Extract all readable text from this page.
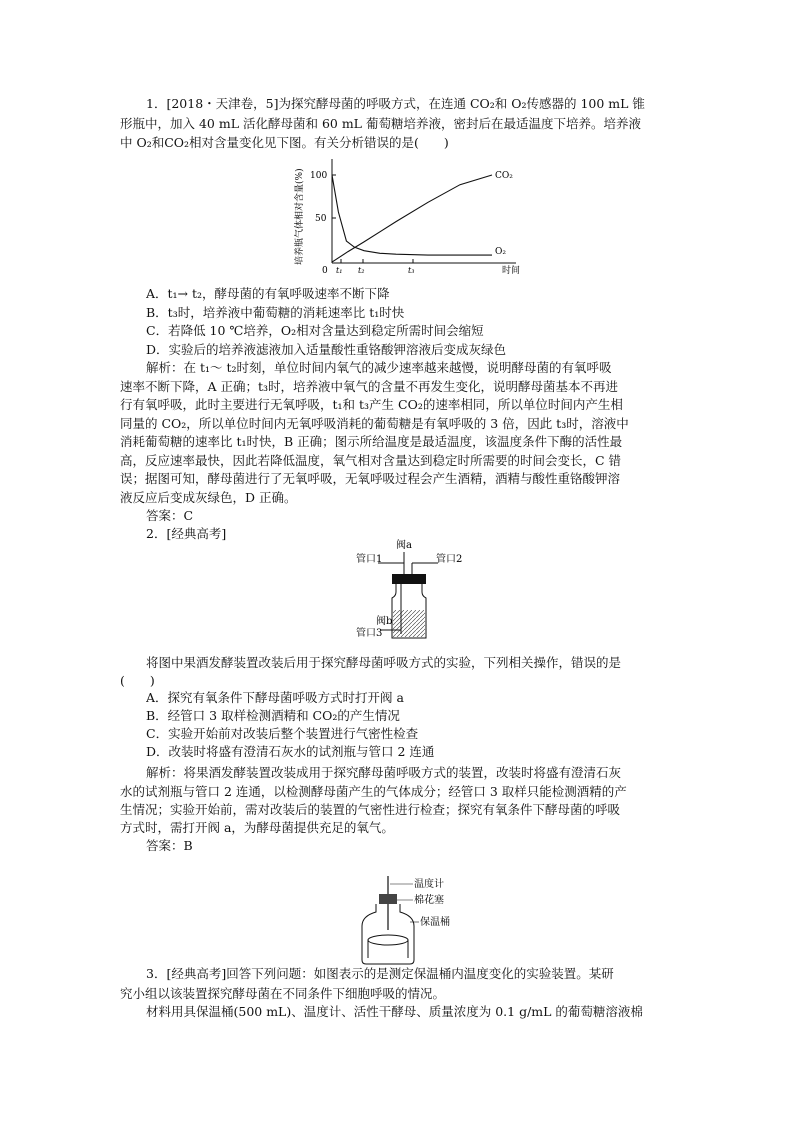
1．[2018・天津卷，5]为探究酵母菌的呼吸方式，在连通 CO₂和 O₂传感器的 100 mL 锥
形瓶中，加入 40 mL 活化酵母菌和 60 mL 葡萄糖培养液，密封后在最适温度下培养。培养液
中 O₂和CO₂相对含量变化见下图。有关分析错误的是(　　)
培养瓶气体相对含量(%) 100
50
0 t₁ t₂	t₃	时间
CO₂
O₂
A．t₁→ t₂，酵母菌的有氧呼吸速率不断下降
B．t₃时，培养液中葡萄糖的消耗速率比 t₁时快
C．若降低 10 ℃培养，O₂相对含量达到稳定所需时间会缩短
D．实验后的培养液滤液加入适量酸性重铬酸钾溶液后变成灰绿色
解析：在 t₁～ t₂时刻，单位时间内氧气的减少速率越来越慢，说明酵母菌的有氧呼吸
速率不断下降，A 正确；t₃时，培养液中氧气的含量不再发生变化，说明酵母菌基本不再进
行有氧呼吸，此时主要进行无氧呼吸，t₁和 t₃产生 CO₂的速率相同，所以单位时间内产生相
同量的 CO₂，所以单位时间内无氧呼吸消耗的葡萄糖是有氧呼吸的 3 倍，因此 t₃时，溶液中
消耗葡萄糖的速率比 t₁时快，B 正确；图示所给温度是最适温度，该温度条件下酶的活性最
高，反应速率最快，因此若降低温度，氧气相对含量达到稳定时所需要的时间会变长，C 错
误；据图可知，酵母菌进行了无氧呼吸，无氧呼吸过程会产生酒精，酒精与酸性重铬酸钾溶
液反应后变成灰绿色，D 正确。
答案：C
2．[经典高考]
阀a
管口1	管口2
阀b
管口3
将图中果酒发酵装置改装后用于探究酵母菌呼吸方式的实验，下列相关操作，错误的是
(　　)
A．探究有氧条件下酵母菌呼吸方式时打开阀 a
B．经管口 3 取样检测酒精和 CO₂的产生情况
C．实验开始前对改装后整个装置进行气密性检查
D．改装时将盛有澄清石灰水的试剂瓶与管口 2 连通
解析：将果酒发酵装置改装成用于探究酵母菌呼吸方式的装置，改装时将盛有澄清石灰
水的试剂瓶与管口 2 连通，以检测酵母菌产生的气体成分；经管口 3 取样只能检测酒精的产
生情况；实验开始前，需对改装后的装置的气密性进行检查；探究有氧条件下酵母菌的呼吸
方式时，需打开阀 a，为酵母菌提供充足的氧气。
答案：B
温度计
棉花塞
保温桶
3．[经典高考]回答下列问题：如图表示的是测定保温桶内温度变化的实验装置。某研
究小组以该装置探究酵母菌在不同条件下细胞呼吸的情况。
材料用具保温桶(500 mL)、温度计、活性干酵母、质量浓度为 0.1 g/mL 的葡萄糖溶液棉
